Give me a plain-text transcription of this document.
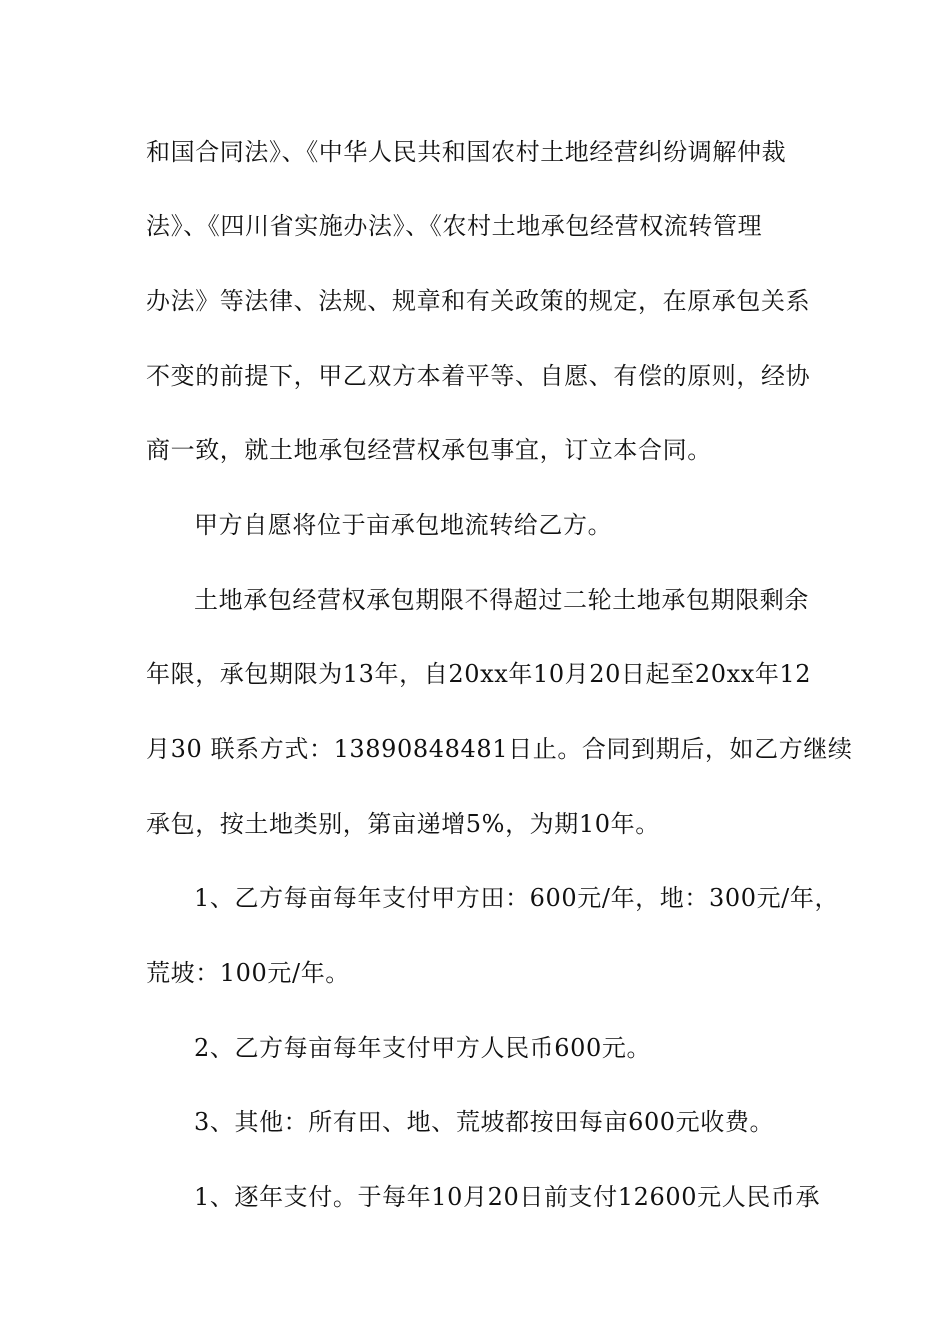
和国合同法》、《中华人民共和国农村土地经营纠纷调解仲裁
法》、《四川省实施办法》、《农村土地承包经营权流转管理
办法》等法律、法规、规章和有关政策的规定，在原承包关系
不变的前提下，甲乙双方本着平等、自愿、有偿的原则，经协
商一致，就土地承包经营权承包事宜，订立本合同。
甲方自愿将位于亩承包地流转给乙方。
土地承包经营权承包期限不得超过二轮土地承包期限剩余
年限，承包期限为13年，自20xx年10月20日起至20xx年12
月30 联系方式：13890848481日止。合同到期后，如乙方继续
承包，按土地类别，第亩递增5%，为期10年。
1、乙方每亩每年支付甲方田：600元/年，地：300元/年，
荒坡：100元/年。
2、乙方每亩每年支付甲方人民币600元。
3、其他：所有田、地、荒坡都按田每亩600元收费。
1、逐年支付。于每年10月20日前支付12600元人民币承
